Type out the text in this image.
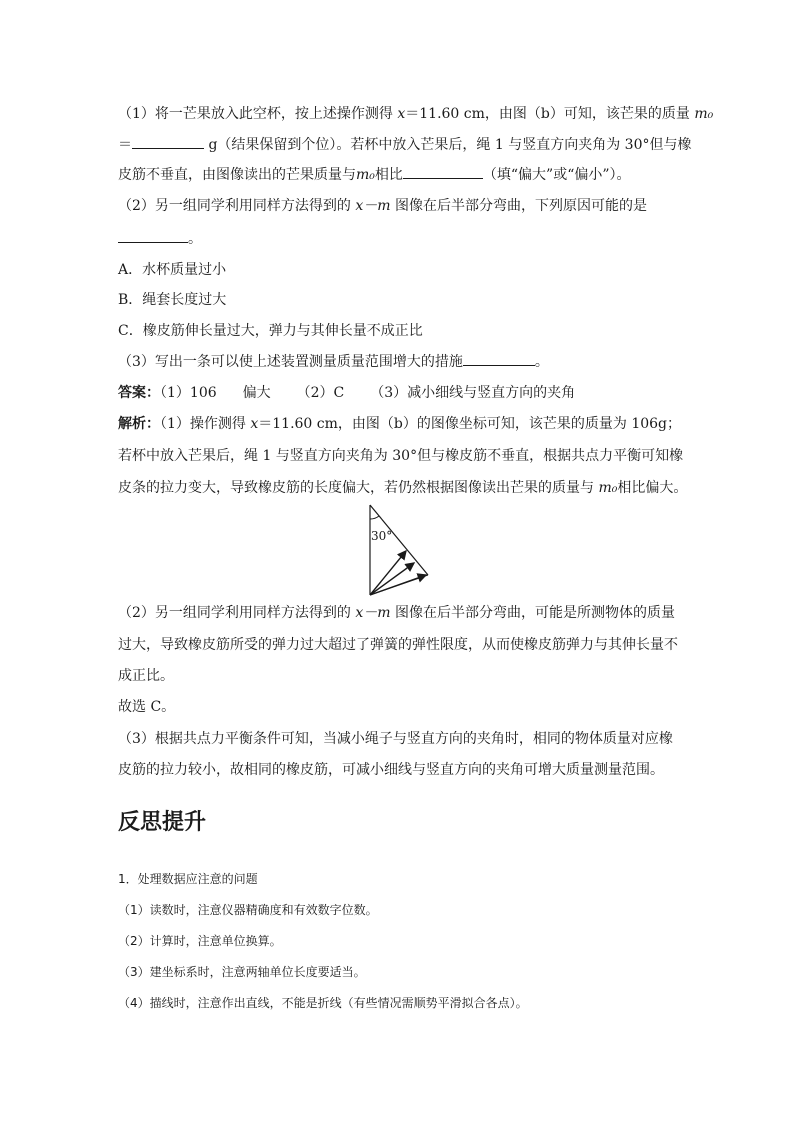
（1）将一芒果放入此空杯，按上述操作测得 x＝11.60 cm，由图（b）可知，该芒果的质量 m₀
＝	g（结果保留到个位）。若杯中放入芒果后，绳 1 与竖直方向夹角为 30°但与橡
皮筋不垂直，由图像读出的芒果质量与m₀相比	（填“偏大”或“偏小”）。
（2）另一组同学利用同样方法得到的 x－m 图像在后半部分弯曲，下列原因可能的是
。
A．水杯质量过小
B．绳套长度过大
C．橡皮筋伸长量过大，弹力与其伸长量不成正比
（3）写出一条可以使上述装置测量质量范围增大的措施	。
答案：（1）106 偏大 （2）C （3）减小细线与竖直方向的夹角
解析：（1）操作测得 x＝11.60 cm，由图（b）的图像坐标可知，该芒果的质量为 106g；
若杯中放入芒果后，绳 1 与竖直方向夹角为 30°但与橡皮筋不垂直，根据共点力平衡可知橡
皮条的拉力变大，导致橡皮筋的长度偏大，若仍然根据图像读出芒果的质量与 m₀相比偏大。
30°
（2）另一组同学利用同样方法得到的 x－m 图像在后半部分弯曲，可能是所测物体的质量
过大，导致橡皮筋所受的弹力过大超过了弹簧的弹性限度，从而使橡皮筋弹力与其伸长量不
成正比。
故选 C。
（3）根据共点力平衡条件可知，当减小绳子与竖直方向的夹角时，相同的物体质量对应橡
皮筋的拉力较小，故相同的橡皮筋，可减小细线与竖直方向的夹角可增大质量测量范围。
反思提升
1．处理数据应注意的问题
（1）读数时，注意仪器精确度和有效数字位数。
（2）计算时，注意单位换算。
（3）建坐标系时，注意两轴单位长度要适当。
（4）描线时，注意作出直线，不能是折线（有些情况需顺势平滑拟合各点）。
